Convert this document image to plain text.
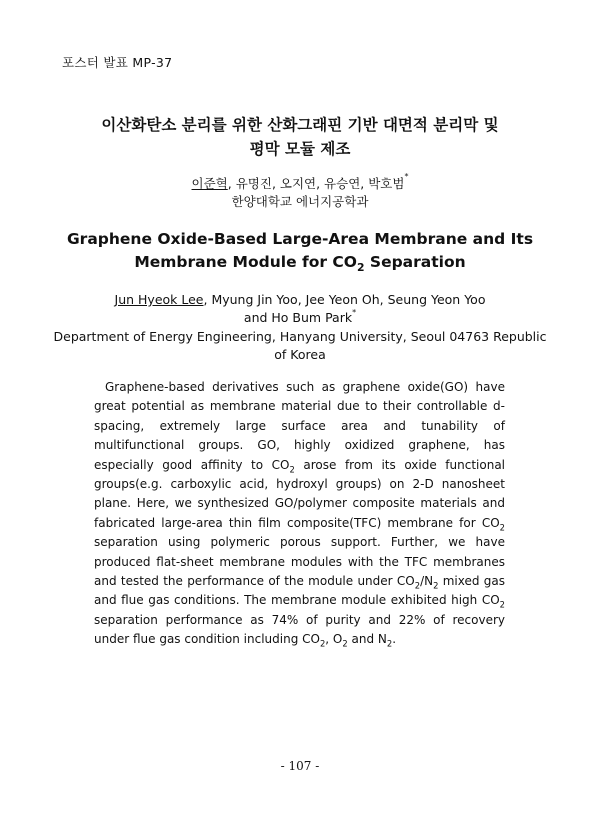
포스터 발표 MP-37
이산화탄소 분리를 위한 산화그래핀 기반 대면적 분리막 및
평막 모듈 제조
이준혁, 유명진, 오지연, 유승연, 박호범*
한양대학교 에너지공학과
Graphene Oxide-Based Large-Area Membrane and Its
Membrane Module for $CO_2$ Separation
Jun Hyeok Lee, Myung Jin Yoo, Jee Yeon Oh, Seung Yeon Yoo
and Ho Bum Park*
Department of Energy Engineering, Hanyang University, Seoul 04763 Republic
of Korea

Graphene-based derivatives such as graphene oxide(GO) have great potential as membrane material due to their controllable d-spacing, extremely large surface area and tunability of multifunctional groups. GO, highly oxidized graphene, has especially good affinity to $CO_2$ arose from its oxide functional groups(e.g. carboxylic acid, hydroxyl groups) on 2-D nanosheet plane. Here, we synthesized GO/polymer composite materials and fabricated large-area thin film composite(TFC) membrane for $CO_2$ separation using polymeric porous support. Further, we have produced flat-sheet membrane modules with the TFC membranes and tested the performance of the module under $CO_2/N_2$ mixed gas and flue gas conditions. The membrane module exhibited high $CO_2$ separation performance as 74% of purity and 22% of recovery under flue gas condition including $CO_2$, $O_2$ and $N_2$.

- 107 -
